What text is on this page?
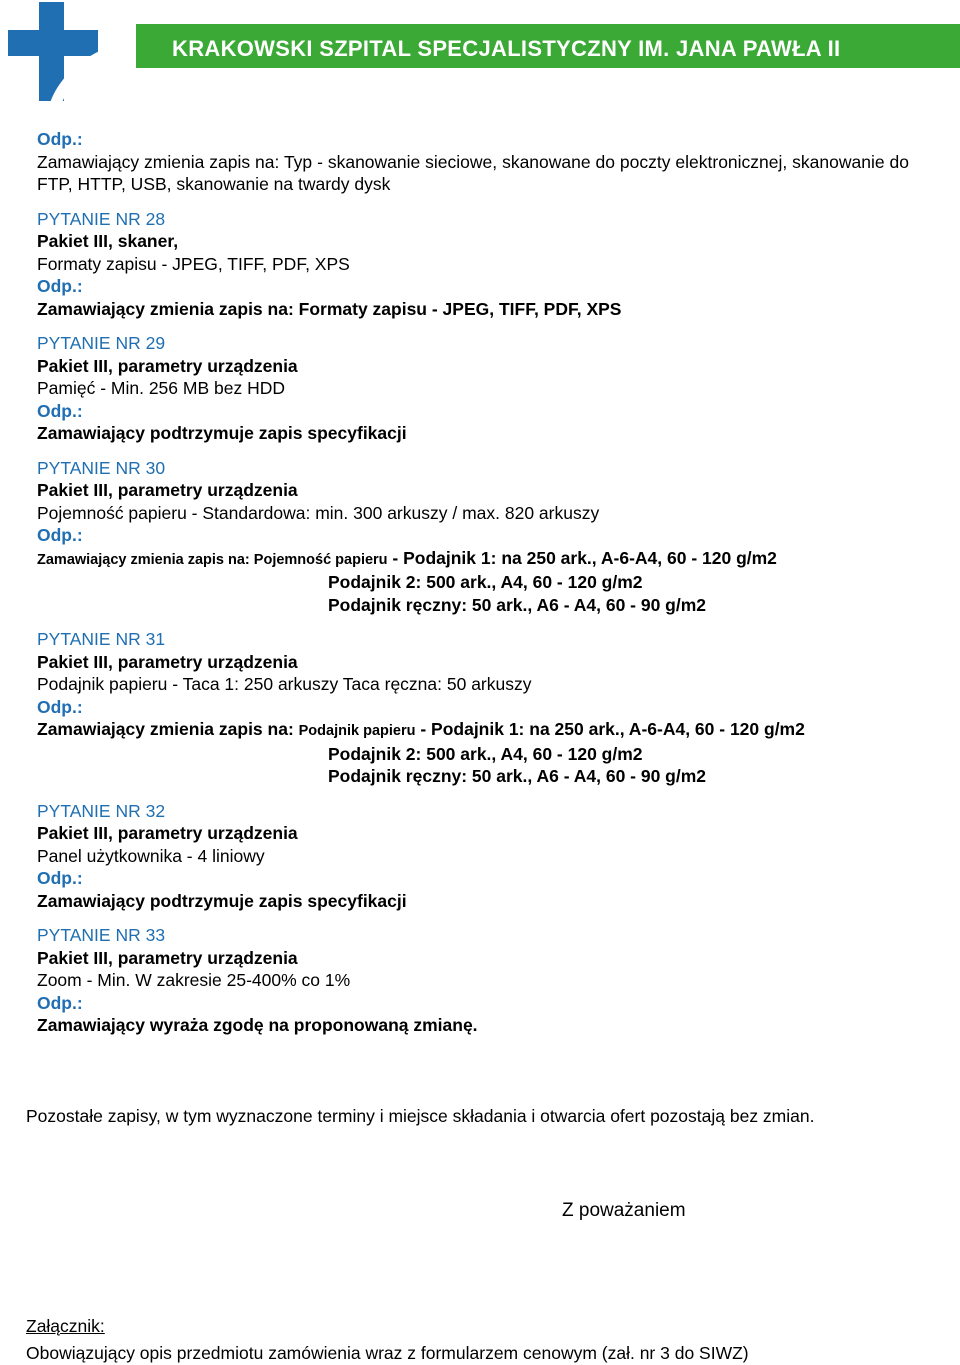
KRAKOWSKI SZPITAL SPECJALISTYCZNY IM. JANA PAWŁA II
Odp.:
Zamawiający zmienia zapis na: Typ - skanowanie sieciowe, skanowane do poczty elektronicznej, skanowanie do FTP, HTTP, USB, skanowanie na twardy dysk
PYTANIE NR 28
Pakiet III, skaner,
Formaty zapisu - JPEG, TIFF, PDF, XPS
Odp.:
Zamawiający zmienia zapis na: Formaty zapisu - JPEG, TIFF, PDF, XPS
PYTANIE NR 29
Pakiet III, parametry urządzenia
Pamięć - Min. 256 MB bez HDD
Odp.:
Zamawiający podtrzymuje zapis specyfikacji
PYTANIE NR 30
Pakiet III, parametry urządzenia
Pojemność papieru - Standardowa: min. 300 arkuszy / max. 820 arkuszy
Odp.:
Zamawiający zmienia zapis na: Pojemność papieru - Podajnik 1: na 250 ark., A-6-A4, 60 - 120 g/m2
Podajnik 2: 500 ark., A4, 60 - 120 g/m2
Podajnik ręczny: 50 ark., A6 - A4, 60 - 90 g/m2
PYTANIE NR 31
Pakiet III, parametry urządzenia
Podajnik papieru - Taca 1: 250 arkuszy Taca ręczna: 50 arkuszy
Odp.:
Zamawiający zmienia zapis na: Podajnik papieru - Podajnik 1: na 250 ark., A-6-A4, 60 - 120 g/m2
Podajnik 2: 500 ark., A4, 60 - 120 g/m2
Podajnik ręczny: 50 ark., A6 - A4, 60 - 90 g/m2
PYTANIE NR 32
Pakiet III, parametry urządzenia
Panel użytkownika - 4 liniowy
Odp.:
Zamawiający podtrzymuje zapis specyfikacji
PYTANIE NR 33
Pakiet III, parametry urządzenia
Zoom - Min. W zakresie 25-400% co 1%
Odp.:
Zamawiający wyraża zgodę na proponowaną zmianę.
Pozostałe zapisy, w tym wyznaczone terminy i miejsce składania i otwarcia ofert pozostają bez zmian.
Z poważaniem
Załącznik:
Obowiązujący opis przedmiotu zamówienia wraz z formularzem cenowym (zał. nr 3 do SIWZ)
